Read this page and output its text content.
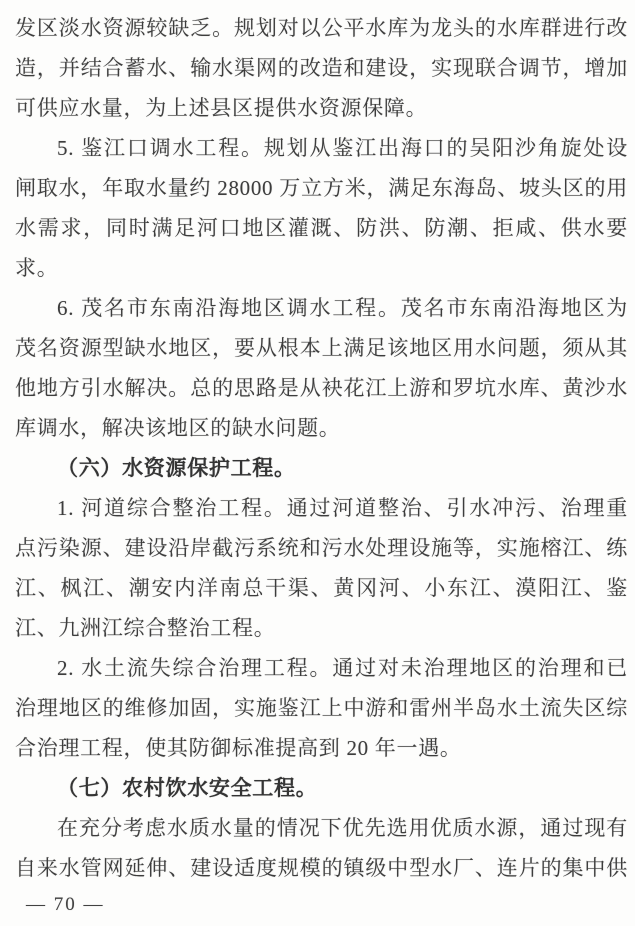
发区淡水资源较缺乏。规划对以公平水库为龙头的水库群进行改
造，并结合蓄水、输水渠网的改造和建设，实现联合调节，增加
可供应水量，为上述县区提供水资源保障。

5. 鉴江口调水工程。规划从鉴江出海口的吴阳沙角旋处设
闸取水，年取水量约 28000 万立方米，满足东海岛、坡头区的用
水需求，同时满足河口地区灌溉、防洪、防潮、拒咸、供水要
求。

6. 茂名市东南沿海地区调水工程。茂名市东南沿海地区为
茂名资源型缺水地区，要从根本上满足该地区用水问题，须从其
他地方引水解决。总的思路是从袂花江上游和罗坑水库、黄沙水
库调水，解决该地区的缺水问题。

（六）水资源保护工程。

1. 河道综合整治工程。通过河道整治、引水冲污、治理重
点污染源、建设沿岸截污系统和污水处理设施等，实施榕江、练
江、枫江、潮安内洋南总干渠、黄冈河、小东江、漠阳江、鉴
江、九洲江综合整治工程。

2. 水土流失综合治理工程。通过对未治理地区的治理和已
治理地区的维修加固，实施鉴江上中游和雷州半岛水土流失区综
合治理工程，使其防御标准提高到 20 年一遇。

（七）农村饮水安全工程。

在充分考虑水质水量的情况下优先选用优质水源，通过现有
自来水管网延伸、建设适度规模的镇级中型水厂、连片的集中供

— 70 —
